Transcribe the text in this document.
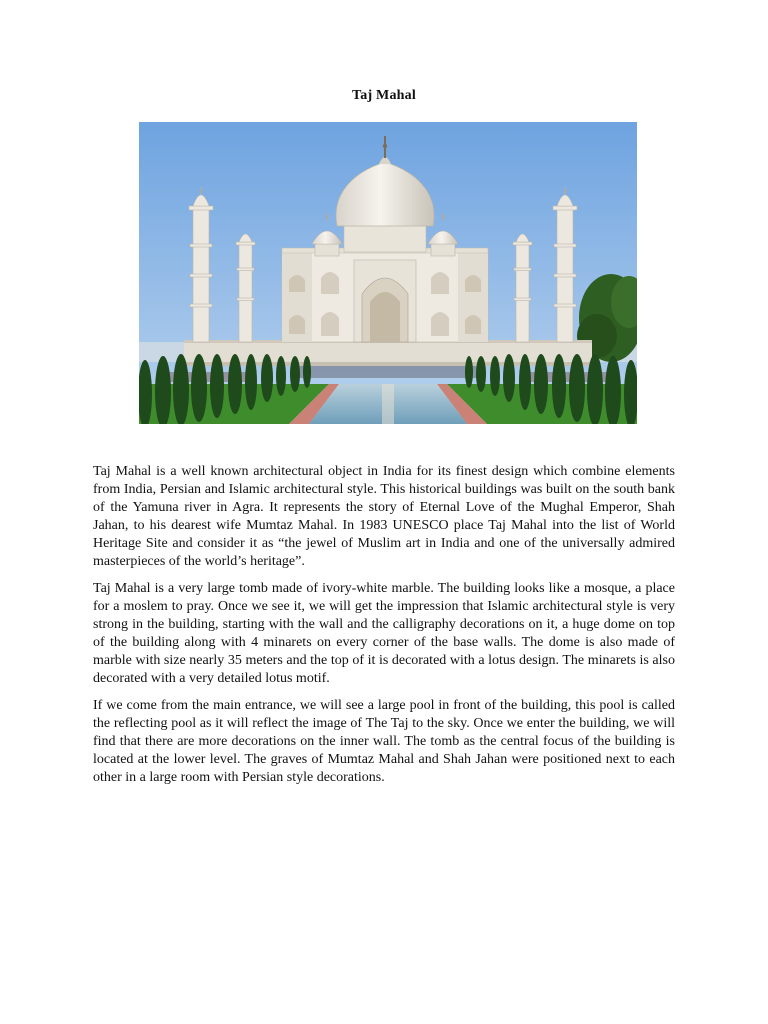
Taj Mahal

Taj Mahal is a well known architectural object in India for its finest design which combine elements from India, Persian and Islamic architectural style. This historical buildings was built on the south bank of the Yamuna river in Agra. It represents the story of Eternal Love of the Mughal Emperor, Shah Jahan, to his dearest wife Mumtaz Mahal. In 1983 UNESCO place Taj Mahal into the list of World Heritage Site and consider it as “the jewel of Muslim art in India and one of the universally admired masterpieces of the world’s heritage”.

Taj Mahal is a very large tomb made of ivory-white marble. The building looks like a mosque, a place for a moslem to pray. Once we see it, we will get the impression that Islamic architectural style is very strong in the building, starting with the wall and the calligraphy decorations on it, a huge dome on top of the building along with 4 minarets on every corner of the base walls. The dome is also made of marble with size nearly 35 meters and the top of it is decorated with a lotus design. The minarets is also decorated with a very detailed lotus motif.

If we come from the main entrance, we will see a large pool in front of the building, this pool is called the reflecting pool as it will reflect the image of The Taj to the sky. Once we enter the building, we will find that there are more decorations on the inner wall. The tomb as the central focus of the building is located at the lower level. The graves of Mumtaz Mahal and Shah Jahan were positioned next to each other in a large room with Persian style decorations.
